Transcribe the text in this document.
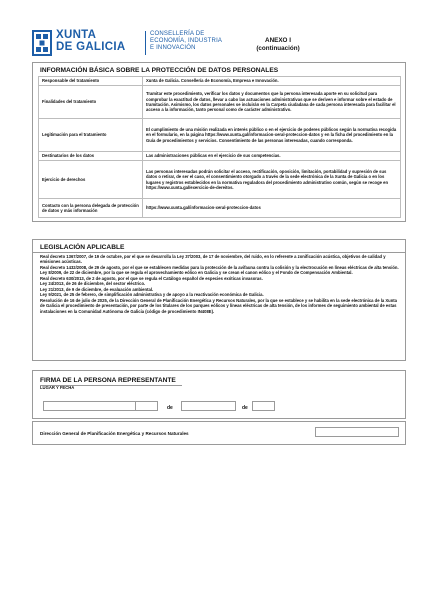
XUNTA
DE GALICIA
CONSELLERÍA DE
ECONOMÍA, INDUSTRIA
E INNOVACIÓN
ANEXO I
(continuación)
INFORMACIÓN BÁSICA SOBRE LA PROTECCIÓN DE DATOS PERSONALES
Responsable del tratamiento	Xunta de Galicia. Consellería de Economía, Empresa e Innovación.
Finalidades del tratamiento	Tramitar este procedimiento, verificar los datos y documentos que la persona interesada aporte en su solicitud para comprobar la exactitud de datos, llevar a cabo las actuaciones administrativas que se deriven e informar sobre el estado de tramitación. Asimismo, los datos personales se incluirán en la Carpeta ciudadana de cada persona interesada para facilitar el acceso a la información, tanto personal como de carácter administrativo.
Legitimación para el tratamiento	El cumplimiento de una misión realizada en interés público o en el ejercicio de poderes públicos según la normativa recogida en el formulario, en la página https://www.xunta.gal/informacion-xeral-proteccion-datos y en la ficha del procedimiento en la Guía de procedimientos y servicios. Consentimiento de las personas interesadas, cuando corresponda.
Destinatarios de los datos	Las administraciones públicas en el ejercicio de sus competencias.
Ejercicio de derechos	Las personas interesadas podrán solicitar el acceso, rectificación, oposición, limitación, portabilidad y supresión de sus datos o retirar, de ser el caso, el consentimiento otorgado a través de la sede electrónica de la Xunta de Galicia o en los lugares y registros establecidos en la normativa reguladora del procedimiento administrativo común, según se recoge en https://www.xunta.gal/exercicio-de-dereitos.
Contacto con la persona delegada de protección de datos y más información	https://www.xunta.gal/informacion-xeral-proteccion-datos
LEGISLACIÓN APLICABLE

Real decreto 1367/2007, de 19 de octubre, por el que se desarrolla la Ley 37/2003, de 17 de noviembre, del ruido, en lo referente a zonificación acústica, objetivos de calidad y emisiones acústicas.

Real decreto 1432/2008, de 29 de agosto, por el que se establecen medidas para la protección de la avifauna contra la colisión y la electrocución en líneas eléctricas de alta tensión.

Ley 8/2009, de 22 de diciembre, por la que se regula el aprovechamiento eólico en Galicia y se crean el canon eólico y el Fondo de Compensación Ambiental.

Real decreto 630/2013, de 2 de agosto, por el que se regula el Catálogo español de especies exóticas invasoras.

Ley 24/2013, de 26 de diciembre, del sector eléctrico.

Ley 21/2013, de 9 de diciembre, de evaluación ambiental.

Ley 9/2021, de 25 de febrero, de simplificación administrativa y de apoyo a la reactivación económica de Galicia.

Resolución de 16 de julio de 2025, de la Dirección General de Planificación Energética y Recursos Naturales, por la que se establece y se habilita en la sede electrónica de la Xunta de Galicia el procedimiento de presentación, por parte de los titulares de los parques eólicos y líneas eléctricas de alta tensión, de los informes de seguimiento ambiental de estas instalaciones en la Comunidad Autónoma de Galicia (código de procedimiento IN408E).

FIRMA DE LA PERSONA REPRESENTANTE
LUGAR Y FECHA
de	de
Dirección General de Planificación Energética y Recursos Naturales
